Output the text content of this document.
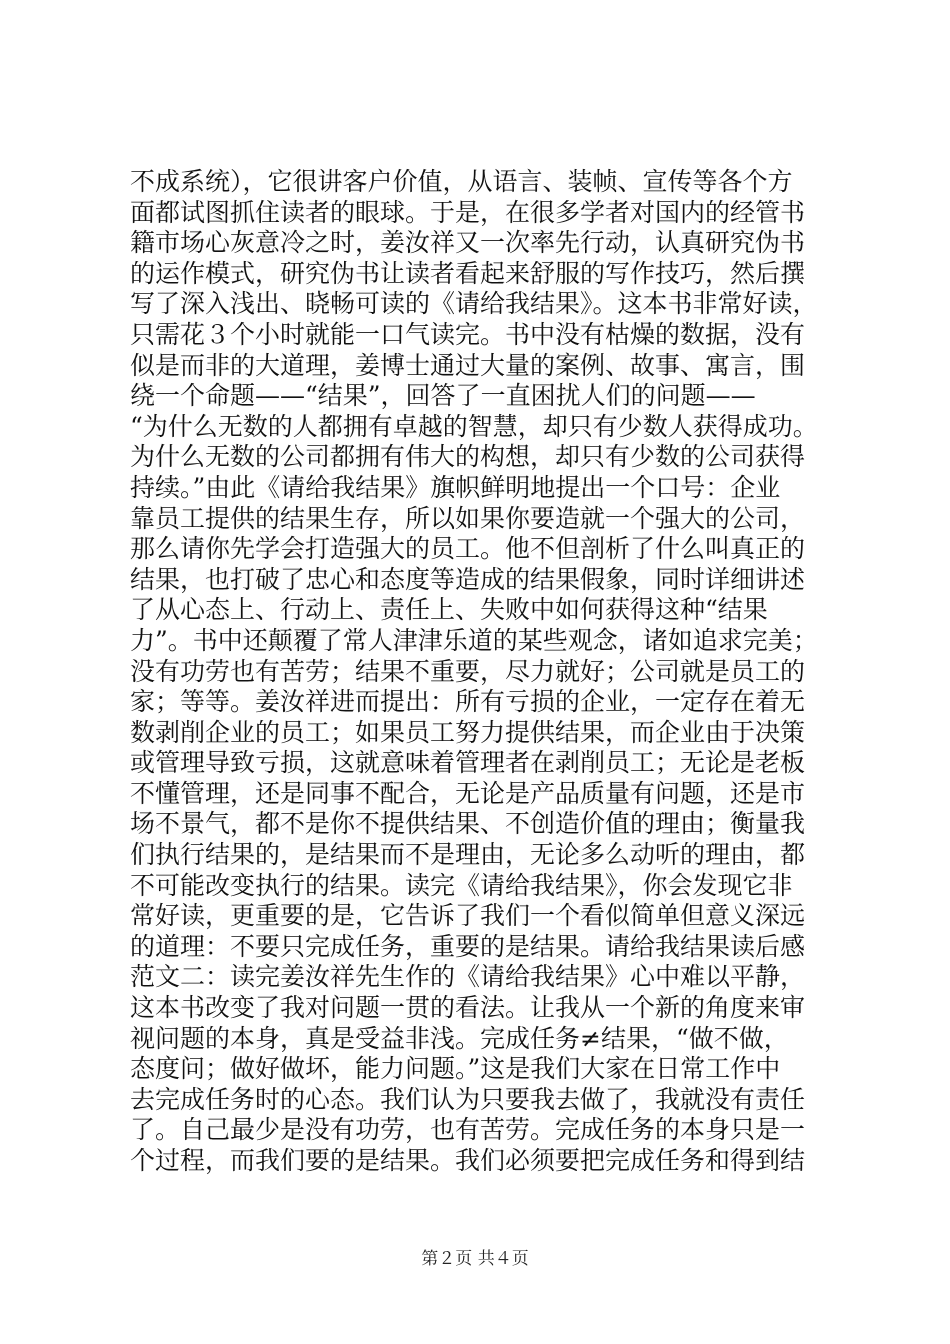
不成系统），它很讲客户价值，从语言、装帧、宣传等各个方
面都试图抓住读者的眼球。于是，在很多学者对国内的经管书
籍市场心灰意冷之时，姜汝祥又一次率先行动，认真研究伪书
的运作模式，研究伪书让读者看起来舒服的写作技巧，然后撰
写了深入浅出、晓畅可读的《请给我结果》。这本书非常好读，
只需花３个小时就能一口气读完。书中没有枯燥的数据，没有
似是而非的大道理，姜博士通过大量的案例、故事、寓言，围
绕一个命题——“结果”，回答了一直困扰人们的问题——
“为什么无数的人都拥有卓越的智慧，却只有少数人获得成功。
为什么无数的公司都拥有伟大的构想，却只有少数的公司获得
持续。”由此《请给我结果》旗帜鲜明地提出一个口号：企业
靠员工提供的结果生存，所以如果你要造就一个强大的公司，
那么请你先学会打造强大的员工。他不但剖析了什么叫真正的
结果，也打破了忠心和态度等造成的结果假象，同时详细讲述
了从心态上、行动上、责任上、失败中如何获得这种“结果
力”。书中还颠覆了常人津津乐道的某些观念，诸如追求完美；
没有功劳也有苦劳；结果不重要，尽力就好；公司就是员工的
家；等等。姜汝祥进而提出：所有亏损的企业，一定存在着无
数剥削企业的员工；如果员工努力提供结果，而企业由于决策
或管理导致亏损，这就意味着管理者在剥削员工；无论是老板
不懂管理，还是同事不配合，无论是产品质量有问题，还是市
场不景气，都不是你不提供结果、不创造价值的理由；衡量我
们执行结果的，是结果而不是理由，无论多么动听的理由，都
不可能改变执行的结果。读完《请给我结果》，你会发现它非
常好读，更重要的是，它告诉了我们一个看似简单但意义深远
的道理：不要只完成任务，重要的是结果。请给我结果读后感
范文二：读完姜汝祥先生作的《请给我结果》心中难以平静，
这本书改变了我对问题一贯的看法。让我从一个新的角度来审
视问题的本身，真是受益非浅。完成任务≠结果，“做不做，
态度问；做好做坏，能力问题。”这是我们大家在日常工作中
去完成任务时的心态。我们认为只要我去做了，我就没有责任
了。自己最少是没有功劳，也有苦劳。完成任务的本身只是一
个过程，而我们要的是结果。我们必须要把完成任务和得到结
第２页 共４页
